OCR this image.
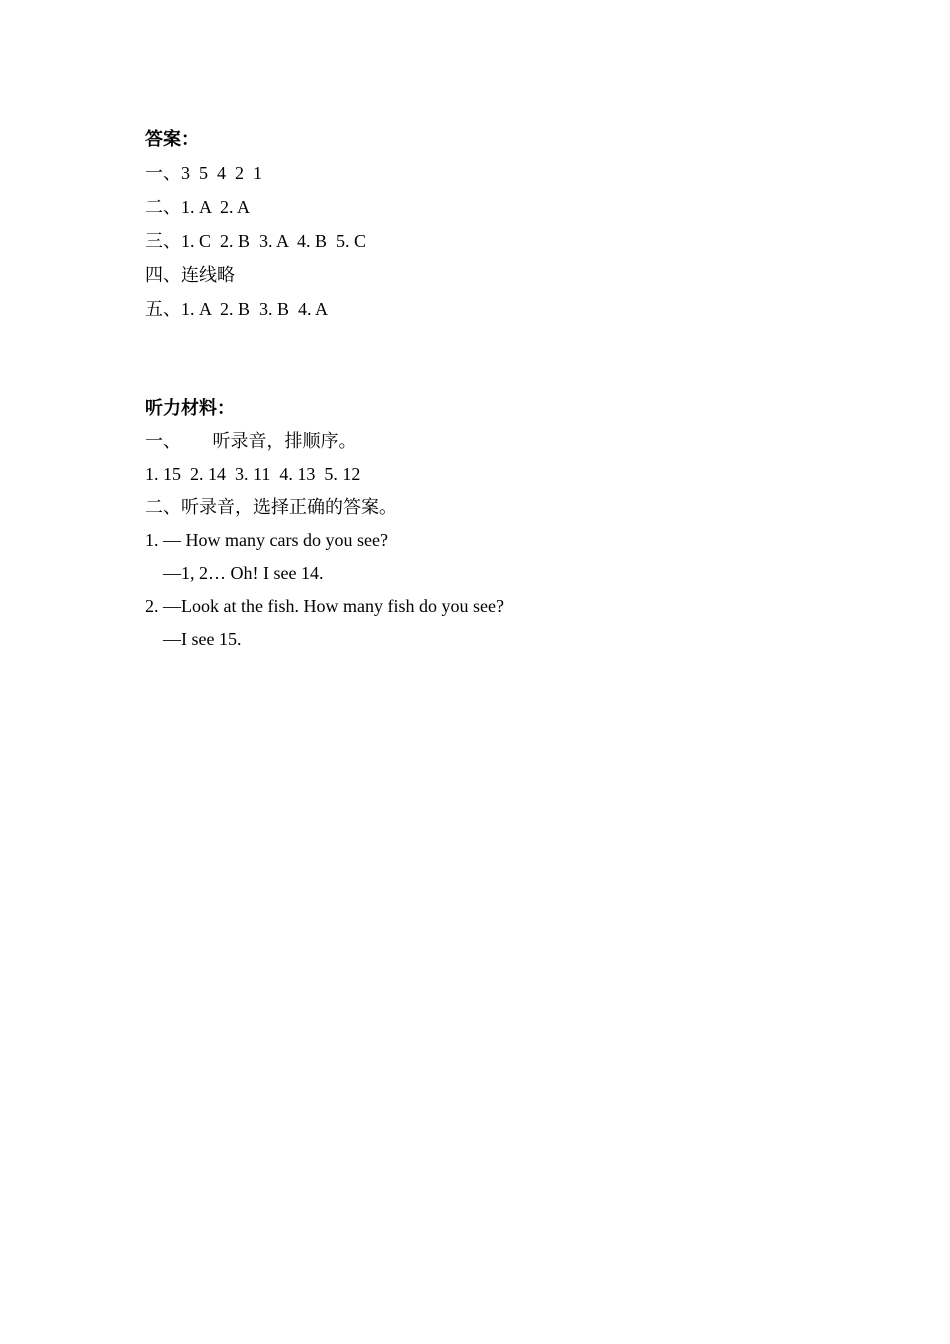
答案：
一、3  5  4  2  1
二、1. A  2. A
三、1. C  2. B  3. A  4. B  5. C
四、连线略
五、1. A  2. B  3. B  4. A
听力材料：
一、       听录音，排顺序。
1. 15  2. 14  3. 11  4. 13  5. 12
二、听录音，选择正确的答案。
1. — How many cars do you see?
—1, 2… Oh! I see 14.
2. —Look at the fish. How many fish do you see?
—I see 15.
